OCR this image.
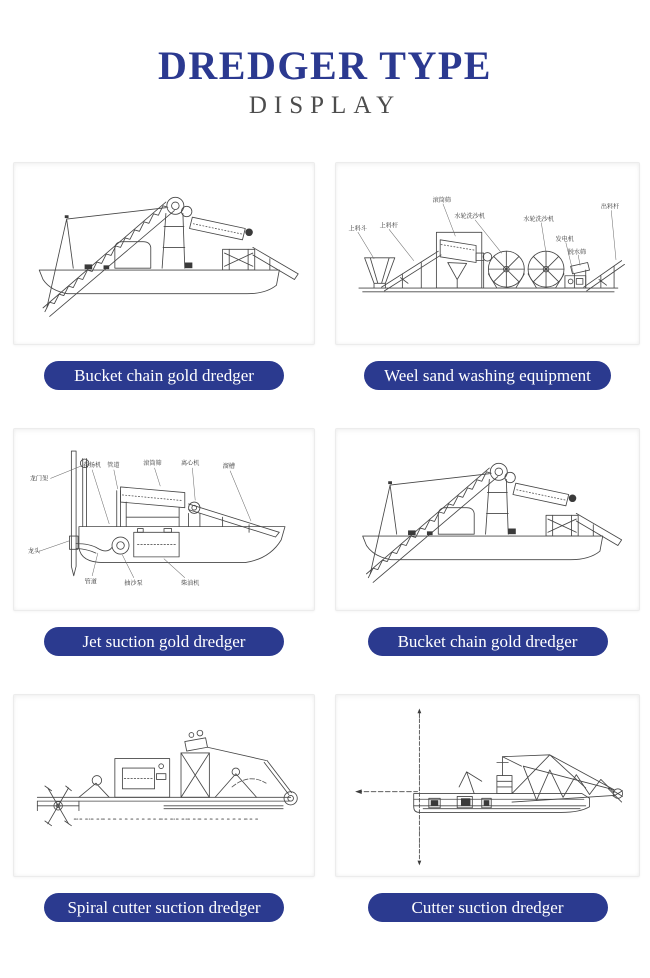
DREDGER TYPE
DISPLAY
Bucket chain gold dredger
上料斗 上料杆
滚筒筛
水轮洗沙机	水轮洗沙机
发电机
脱水筛
出料杆
Weel sand washing equipment
龙门架
卷扬机 管道	滚筒筛	离心机	溜槽
龙头
管道	抽沙泵	柴油机
Jet suction gold dredger	Bucket chain gold dredger
Spiral cutter suction dredger	Cutter suction dredger
